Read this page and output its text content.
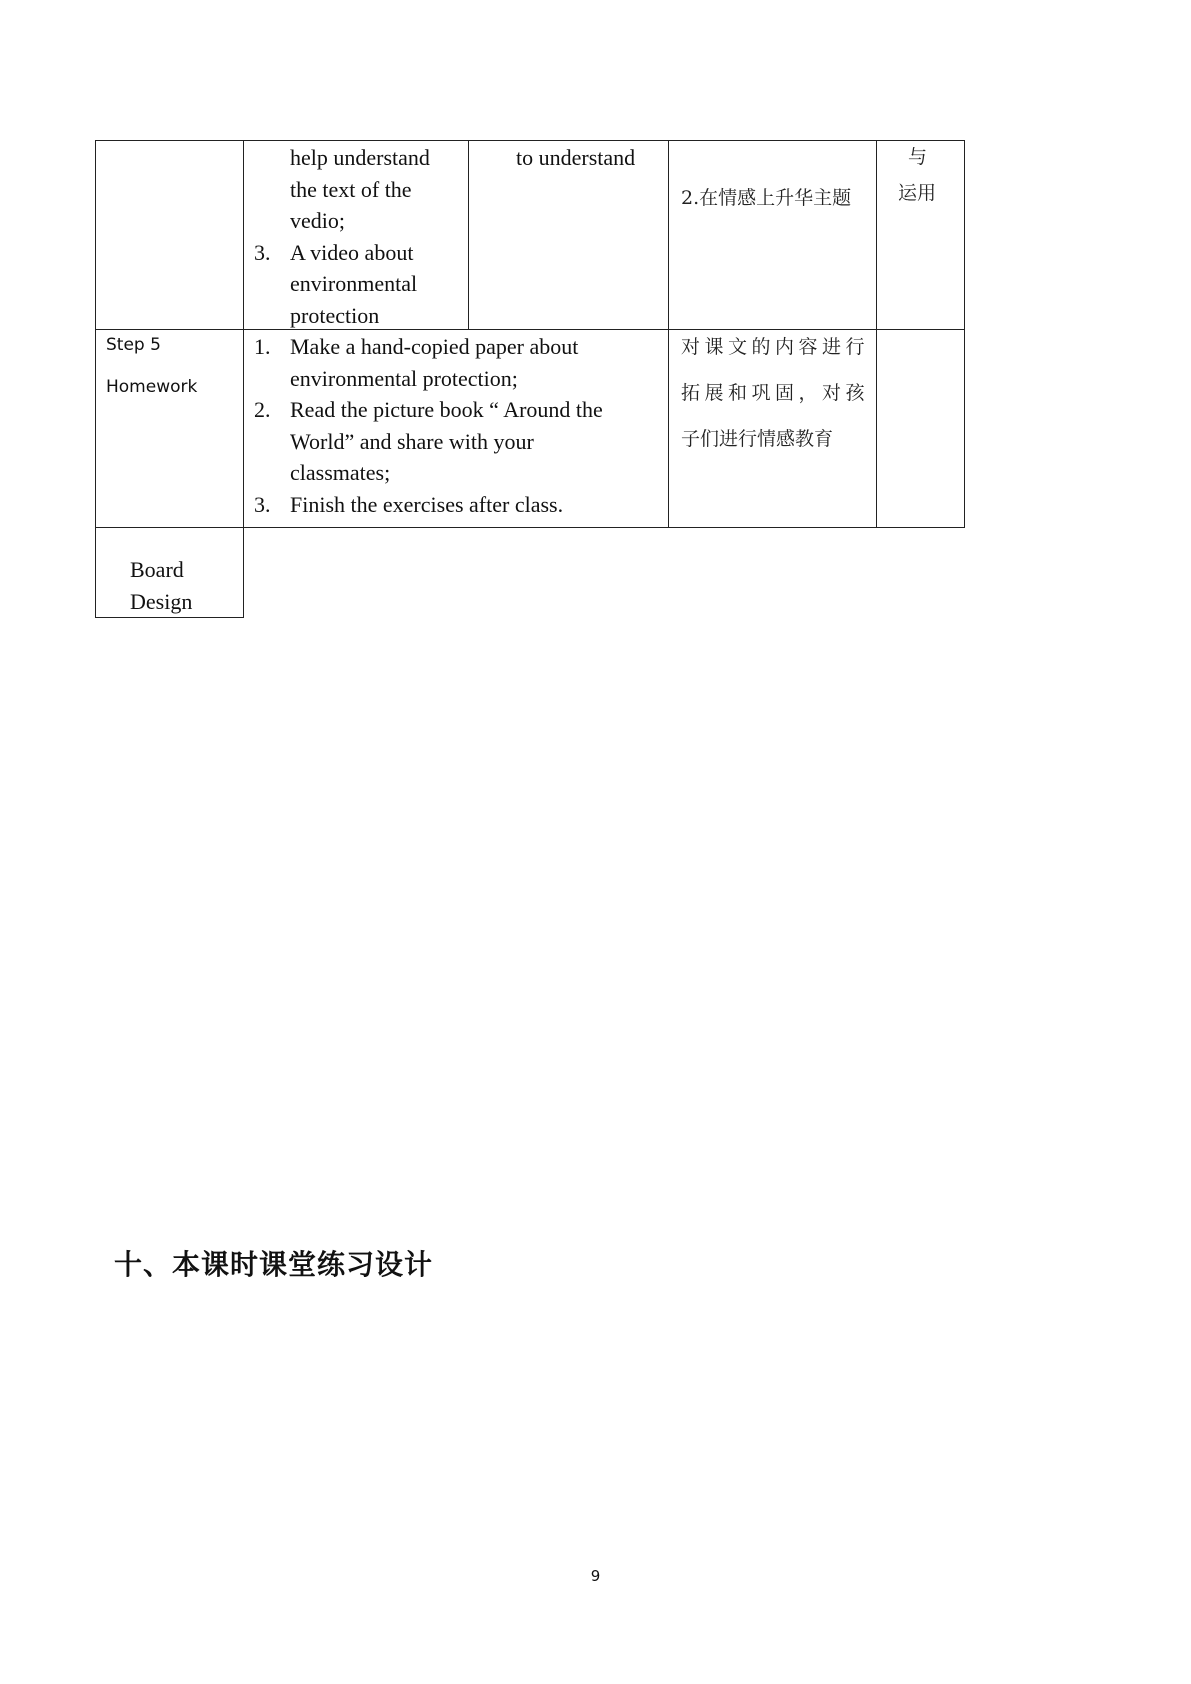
help understand
the text of the
vedio;
3. A video about
environmental
protection
to understand
2.在情感上升华主题
与
运用
Step 5
Homework
1. Make a hand-copied paper about
environmental protection;
2. Read the picture book “ Around the
World” and share with your
classmates;
3. Finish the exercises after class.
对课文的内容进行
拓展和巩固，对孩
子们进行情感教育
Board
Design
十、本课时课堂练习设计
9
